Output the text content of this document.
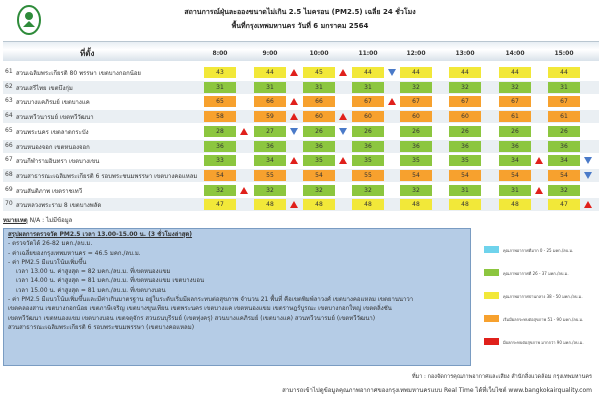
สถานการณ์ฝุ่นละอองขนาดไม่เกิน 2.5 ไมครอน (PM2.5) เฉลี่ย 24 ชั่วโมง
พื้นที่กรุงเทพมหานคร วันที่ 6 มกราคม 2564
ที่ตั้ง	8:00	9:00	10:00	11:00	12:00	13:00	14:00	15:00
61 สวนเฉลิมพระเกียรติ 80 พรรษา เขตบางกอกน้อย	43	44	45	44	44	44	44	44
62 สวนเสรีไทย เขตบึงกุ่ม	31	31	31	31	32	32	32	31
63 สวนบางแคภิรมย์ เขตบางแค	65	66	66	67	67	67	67	67
64 สวนเทวีวนารมย์ เขตทวีวัฒนา	58	59	60	60	60	60	61	61
65 สวนพระนคร เขตลาดกระบัง	28	27	26	26	26	26	26	26
66 สวนหนองจอก เขตหนองจอก	36	36	36	36	36	36	36	36
67 สวนกีฬารามอินทรา เขตบางเขน	33	34	35	35	35	35	34	34
68 สวนสาธารณะเฉลิมพระเกียรติ 6 รอบพระชนมพรรษา เขตบางคอแหลม	54	55	54	55	54	54	54	54
69 สวนสันติภาพ เขตราชเทวี	32	32	32	32	32	31	31	32
70 สวนหลวงพระราม 8 เขตบางพลัด	47	48	48	48	48	48	48	47
หมายเหตุ N/A : ไม่มีข้อมูล
สรุปผลการตรวจวัด PM2.5 เวลา 13.00-15.00 น. (3 ชั่วโมงล่าสุด)
- ตรวจวัดได้ 26-82 มคก./ลบ.ม.
- ค่าเฉลี่ยของกรุงเทพมหานคร = 46.5 มคก./ลบ.ม.
- ค่า PM2.5 มีแนวโน้มเพิ่มขึ้น
เวลา 13.00 น. ค่าสูงสุด = 82 มคก./ลบ.ม. ที่เขตหนองแขม
เวลา 14.00 น. ค่าสูงสุด = 81 มคก./ลบ.ม. ที่เขตหนองแขม เขตบางบอน
เวลา 15.00 น. ค่าสูงสุด = 81 มคก./ลบ.ม. ที่เขตบางบอน
- ค่า PM2.5 มีแนวโน้มเพิ่มขึ้นและมีค่าเกินมาตรฐาน อยู่ในระดับเริ่มมีผลกระทบต่อสุขภาพ จำนวน 21 พื้นที่ คือเขตพิมพ์ลาวงศ์ เขตบางคอแหลม เขตยานนาวา
เขตคลองสาน เขตบางกอกน้อย เขตภาษีเจริญ เขตบางขุนเทียน เขตพระนคร เขตบางแค เขตหนองแขม เขตราษฎร์บูรณะ เขตบางกอกใหญ่ เขตตลิ่งชัน
เขตทวีวัฒนา เขตหนองแขม เขตบางบอน เขตจตุจักร สวนธนบุรีรมย์ (เขตทุ่งครุ) สวนบางแคภิรมย์ (เขตบางแค) สวนทวีวนารมย์ (เขตทวีวัฒนา)
สวนสาธารณะเฉลิมพระเกียรติ 6 รอบพระชนมพรรษา (เขตบางคอแหลม)
คุณภาพอากาศดีมาก 0 - 25 มคก./ลบ.ม.
คุณภาพอากาศดี 26 - 37 มคก./ลบ.ม.
คุณภาพอากาศปานกลาง 38 - 50 มคก./ลบ.ม.
เริ่มมีผลกระทบต่อสุขภาพ 51 - 90 มคก./ลบ.ม.
มีผลกระทบต่อสุขภาพ มากกว่า 90 มคก./ลบ.ม.
ที่มา : กองจัดการคุณภาพอากาศและเสียง สำนักสิ่งแวดล้อม กรุงเทพมหานคร
สามารถเข้าไปดูข้อมูลคุณภาพอากาศของกรุงเทพมหานครแบบ Real Time ได้ที่เว็บไซต์ www.bangkokairquality.com
